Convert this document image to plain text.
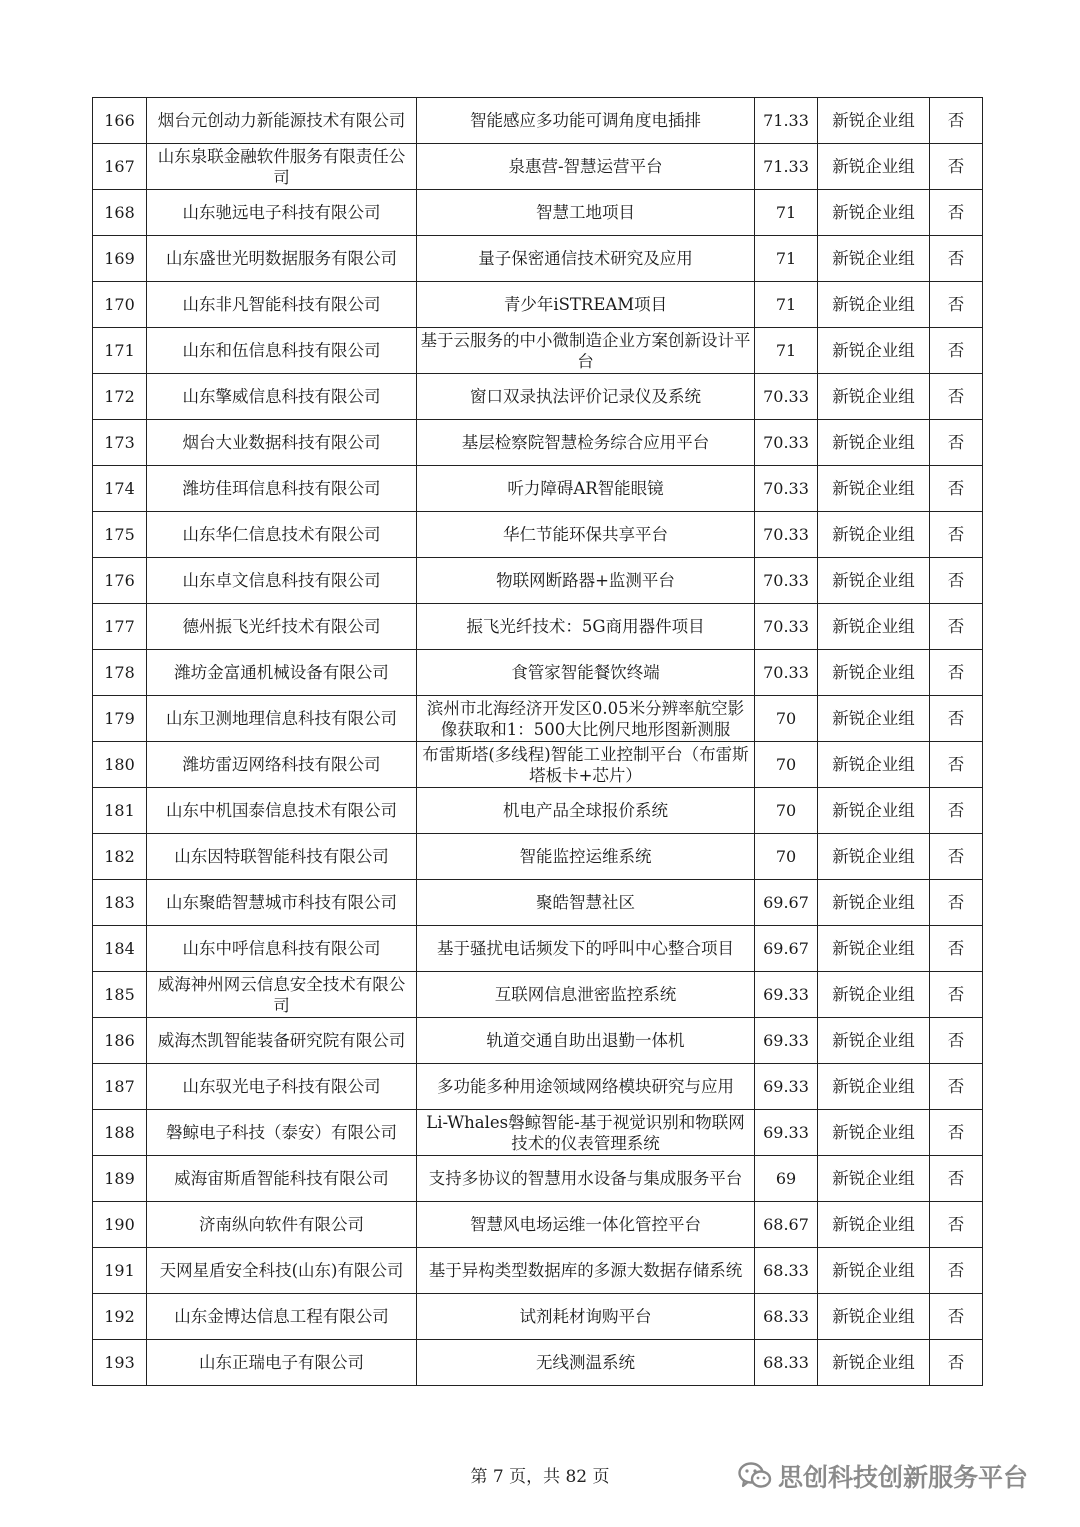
166	烟台元创动力新能源技术有限公司	智能感应多功能可调角度电插排	71.33	新锐企业组	否
167	山东泉联金融软件服务有限责任公司	泉惠营-智慧运营平台	71.33	新锐企业组	否
168	山东驰远电子科技有限公司	智慧工地项目	71	新锐企业组	否
169	山东盛世光明数据服务有限公司	量子保密通信技术研究及应用	71	新锐企业组	否
170	山东非凡智能科技有限公司	青少年iSTREAM项目	71	新锐企业组	否
171	山东和伍信息科技有限公司	基于云服务的中小微制造企业方案创新设计平台	71	新锐企业组	否
172	山东擎威信息科技有限公司	窗口双录执法评价记录仪及系统	70.33	新锐企业组	否
173	烟台大业数据科技有限公司	基层检察院智慧检务综合应用平台	70.33	新锐企业组	否
174	潍坊佳珥信息科技有限公司	听力障碍AR智能眼镜	70.33	新锐企业组	否
175	山东华仁信息技术有限公司	华仁节能环保共享平台	70.33	新锐企业组	否
176	山东卓文信息科技有限公司	物联网断路器+监测平台	70.33	新锐企业组	否
177	德州振飞光纤技术有限公司	振飞光纤技术：5G商用器件项目	70.33	新锐企业组	否
178	潍坊金富通机械设备有限公司	食管家智能餐饮终端	70.33	新锐企业组	否
179	山东卫测地理信息科技有限公司	滨州市北海经济开发区0.05米分辨率航空影像获取和1：500大比例尺地形图新测服	70	新锐企业组	否
180	潍坊雷迈网络科技有限公司	布雷斯塔(多线程)智能工业控制平台（布雷斯塔板卡+芯片）	70	新锐企业组	否
181	山东中机国泰信息技术有限公司	机电产品全球报价系统	70	新锐企业组	否
182	山东因特联智能科技有限公司	智能监控运维系统	70	新锐企业组	否
183	山东聚皓智慧城市科技有限公司	聚皓智慧社区	69.67	新锐企业组	否
184	山东中呼信息科技有限公司	基于骚扰电话频发下的呼叫中心整合项目	69.67	新锐企业组	否
185	威海神州网云信息安全技术有限公司	互联网信息泄密监控系统	69.33	新锐企业组	否
186	威海杰凯智能装备研究院有限公司	轨道交通自助出退勤一体机	69.33	新锐企业组	否
187	山东驭光电子科技有限公司	多功能多种用途领域网络模块研究与应用	69.33	新锐企业组	否
188	磐鲸电子科技（泰安）有限公司	Li-Whales磐鲸智能-基于视觉识别和物联网技术的仪表管理系统	69.33	新锐企业组	否
189	威海宙斯盾智能科技有限公司	支持多协议的智慧用水设备与集成服务平台	69	新锐企业组	否
190	济南纵向软件有限公司	智慧风电场运维一体化管控平台	68.67	新锐企业组	否
191	天网星盾安全科技(山东)有限公司	基于异构类型数据库的多源大数据存储系统	68.33	新锐企业组	否
192	山东金博达信息工程有限公司	试剂耗材询购平台	68.33	新锐企业组	否
193	山东正瑞电子有限公司	无线测温系统	68.33	新锐企业组	否
第 7 页，共 82 页	思创科技创新服务平台
